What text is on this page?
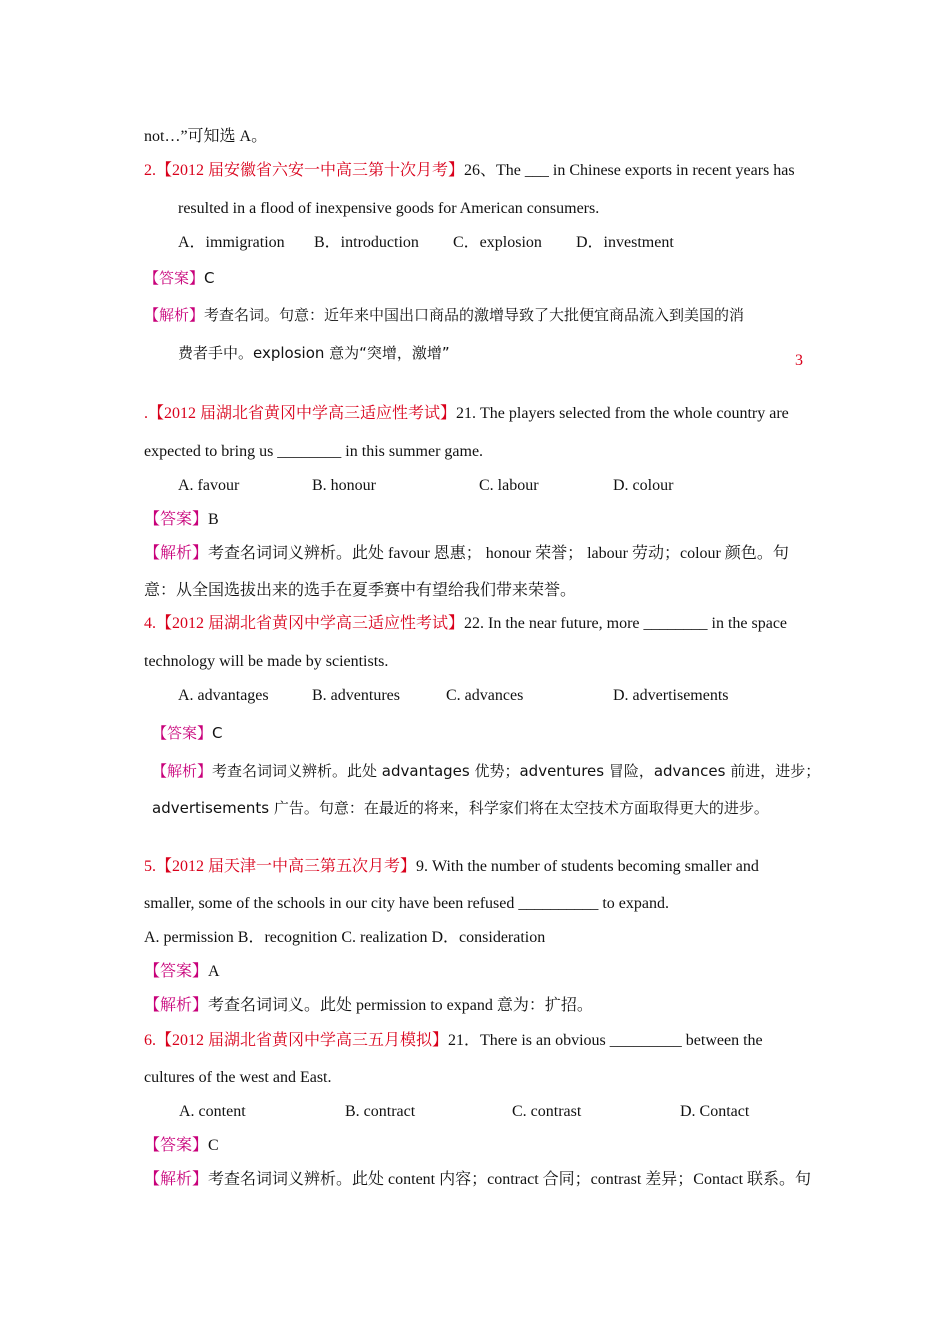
not…”可知选 A。
2.【2012 届安徽省六安一中高三第十次月考】26、The ___ in Chinese exports in recent years has
resulted in a flood of inexpensive goods for American consumers.
A．immigration B．introduction C．explosion D．investment
【答案】C
【解析】考查名词。句意：近年来中国出口商品的激增导致了大批便宜商品流入到美国的消
费者手中。explosion 意为“突增，激增”	3
.【2012 届湖北省黄冈中学高三适应性考试】21. The players selected from the whole country are
expected to bring us ________ in this summer game.
A. favour	B. honour	C. labour	D. colour
【答案】B
【解析】考查名词词义辨析。此处 favour 恩惠； honour 荣誉； labour 劳动；colour 颜色。句
意：从全国选拔出来的选手在夏季赛中有望给我们带来荣誉。
4.【2012 届湖北省黄冈中学高三适应性考试】22. In the near future, more ________ in the space
technology will be made by scientists.
A. advantages	B. adventures	C. advances	D. advertisements
【答案】C
【解析】考查名词词义辨析。此处 advantages 优势；adventures 冒险，advances 前进，进步；
advertisements 广告。句意：在最近的将来，科学家们将在太空技术方面取得更大的进步。
5.【2012 届天津一中高三第五次月考】9. With the number of students becoming smaller and
smaller, some of the schools in our city have been refused __________ to expand.
A. permission B．recognition C. realization D．consideration
【答案】A
【解析】考查名词词义。此处 permission to expand 意为：扩招。
6.【2012 届湖北省黄冈中学高三五月模拟】21．There is an obvious _________ between the
cultures of the west and East.
A. content	B. contract	C. contrast	D. Contact
【答案】C
【解析】考查名词词义辨析。此处 content 内容；contract 合同；contrast 差异；Contact 联系。句
